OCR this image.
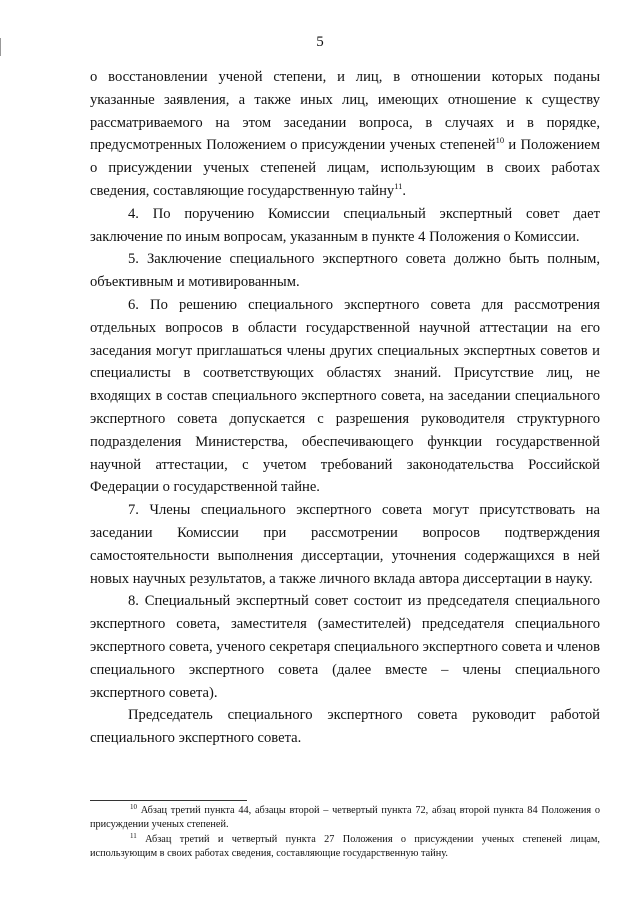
5

о восстановлении ученой степени, и лиц, в отношении которых поданы указанные заявления, а также иных лиц, имеющих отношение к существу рассматриваемого на этом заседании вопроса, в случаях и в порядке, предусмотренных Положением о присуждении ученых степеней$^{10}$ и Положением о присуждении ученых степеней лицам, использующим в своих работах сведения, составляющие государственную тайну$^{11}$.

4. По поручению Комиссии специальный экспертный совет дает заключение по иным вопросам, указанным в пункте 4 Положения о Комиссии.

5. Заключение специального экспертного совета должно быть полным, объективным и мотивированным.

6. По решению специального экспертного совета для рассмотрения отдельных вопросов в области государственной научной аттестации на его заседания могут приглашаться члены других специальных экспертных советов и специалисты в соответствующих областях знаний. Присутствие лиц, не входящих в состав специального экспертного совета, на заседании специального экспертного совета допускается с разрешения руководителя структурного подразделения Министерства, обеспечивающего функции государственной научной аттестации, с учетом требований законодательства Российской Федерации о государственной тайне.

7. Члены специального экспертного совета могут присутствовать на заседании Комиссии при рассмотрении вопросов подтверждения самостоятельности выполнения диссертации, уточнения содержащихся в ней новых научных результатов, а также личного вклада автора диссертации в науку.

8. Специальный экспертный совет состоит из председателя специального экспертного совета, заместителя (заместителей) председателя специального экспертного совета, ученого секретаря специального экспертного совета и членов специального экспертного совета (далее вместе – члены специального экспертного совета).

Председатель специального экспертного совета руководит работой специального экспертного совета.

$^{10}$ Абзац третий пункта 44, абзацы второй – четвертый пункта 72, абзац второй пункта 84 Положения о присуждении ученых степеней.

$^{11}$ Абзац третий и четвертый пункта 27 Положения о присуждении ученых степеней лицам, использующим в своих работах сведения, составляющие государственную тайну.
